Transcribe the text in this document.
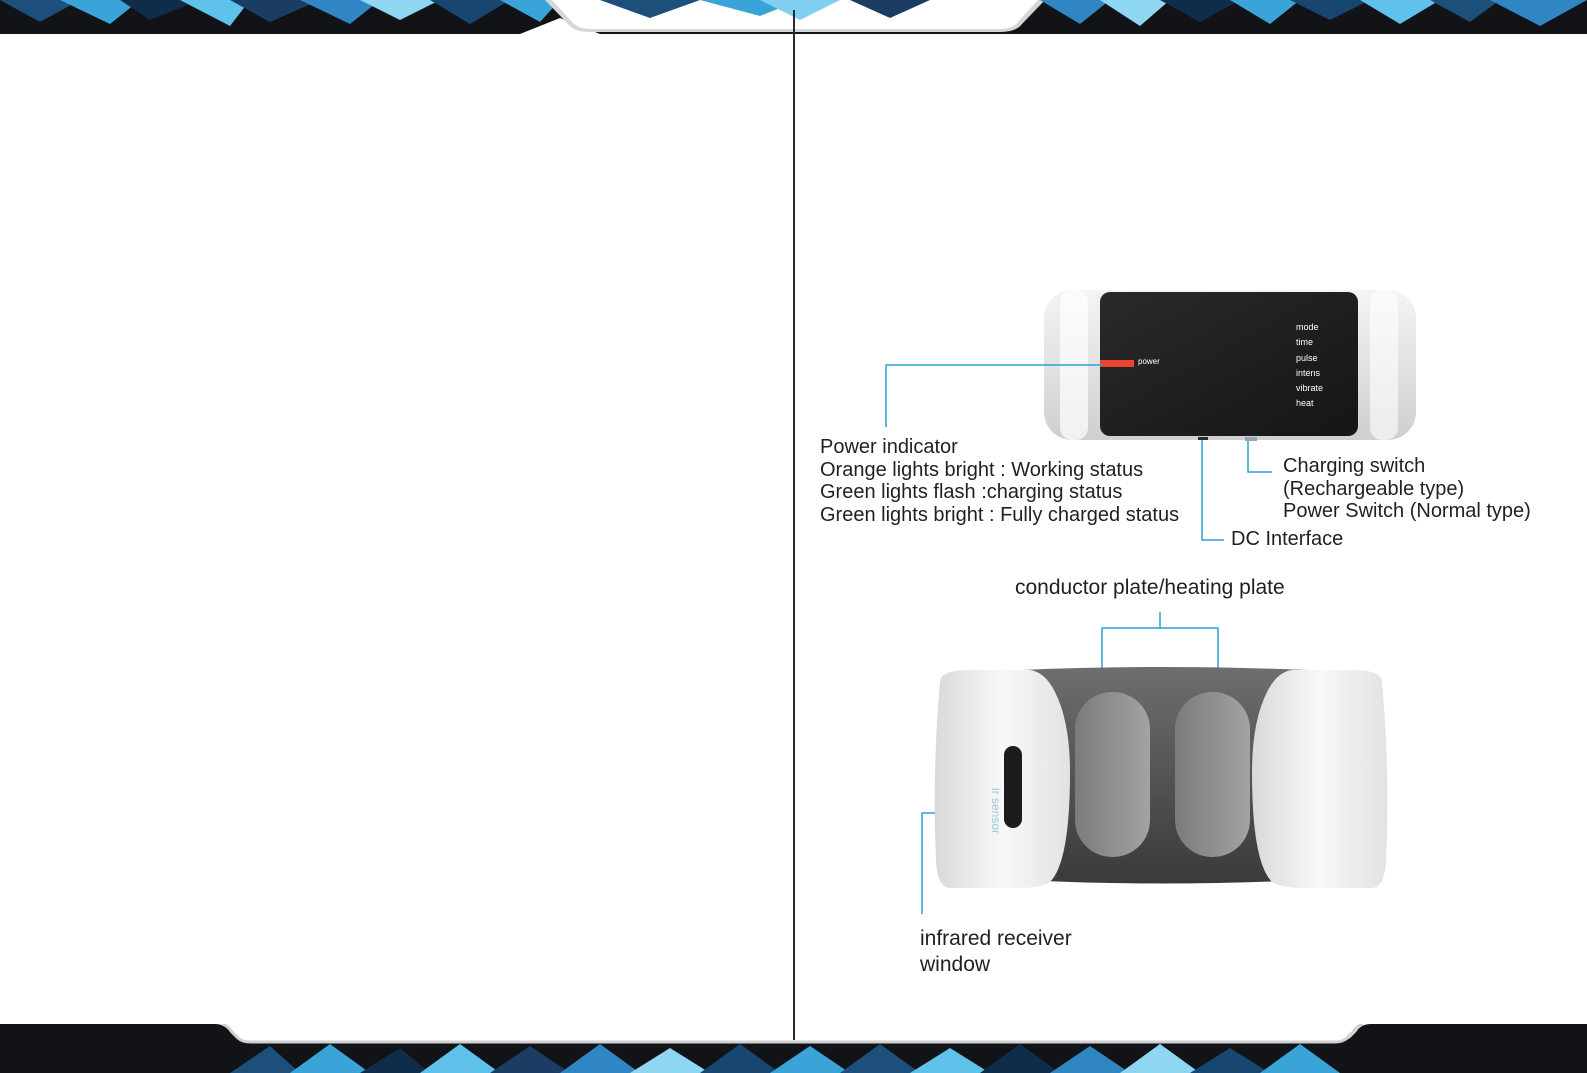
power
mode
time
pulse
intens
vibrate
heat
Power indicator
Orange lights bright : Working status
Green lights flash :charging status
Green lights bright : Fully charged status
Charging switch
(Rechargeable type)
Power Switch (Normal type)
DC Interface
conductor plate/heating plate
ir sensor
infrared receiver
window
